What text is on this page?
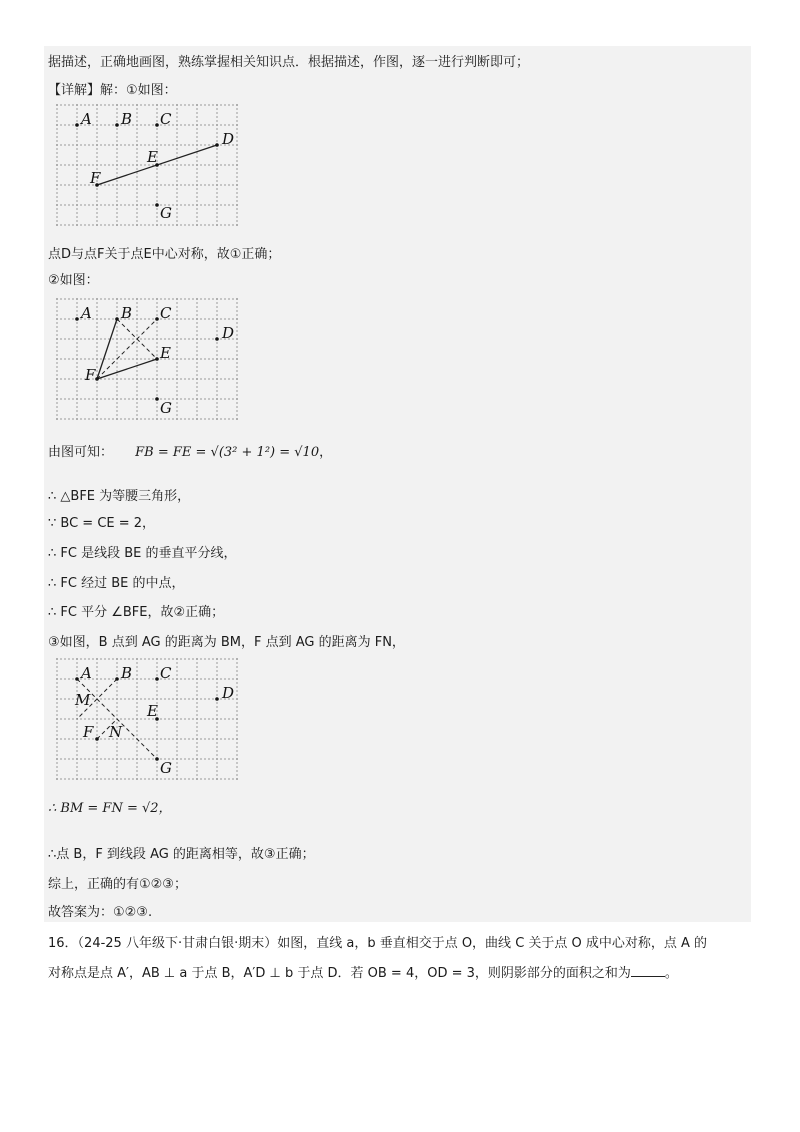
据描述，正确地画图，熟练掌握相关知识点．根据描述，作图，逐一进行判断即可；
【详解】解：①如图：
A B C
D
E
F
G
点D与点F关于点E中心对称，故①正确；
②如图：
A B C
D
E
F
G
由图可知： FB = FE = √(3² + 1²) = √10，
∴ △BFE 为等腰三角形，
∵ BC = CE = 2，
∴ FC 是线段 BE 的垂直平分线，
∴ FC 经过 BE 的中点，
∴ FC 平分 ∠BFE，故②正确；
③如图，B 点到 AG 的距离为 BM，F 点到 AG 的距离为 FN，
A B C
D
E
F
G
M
N
∴ BM = FN = √2，
∴点 B，F 到线段 AG 的距离相等，故③正确；
综上，正确的有①②③；
故答案为：①②③.
16．（24-25 八年级下·甘肃白银·期末）如图，直线 a，b 垂直相交于点 O，曲线 C 关于点 O 成中心对称，点 A 的
对称点是点 A′，AB ⊥ a 于点 B，A′D ⊥ b 于点 D．若 OB = 4，OD = 3，则阴影部分的面积之和为	。
